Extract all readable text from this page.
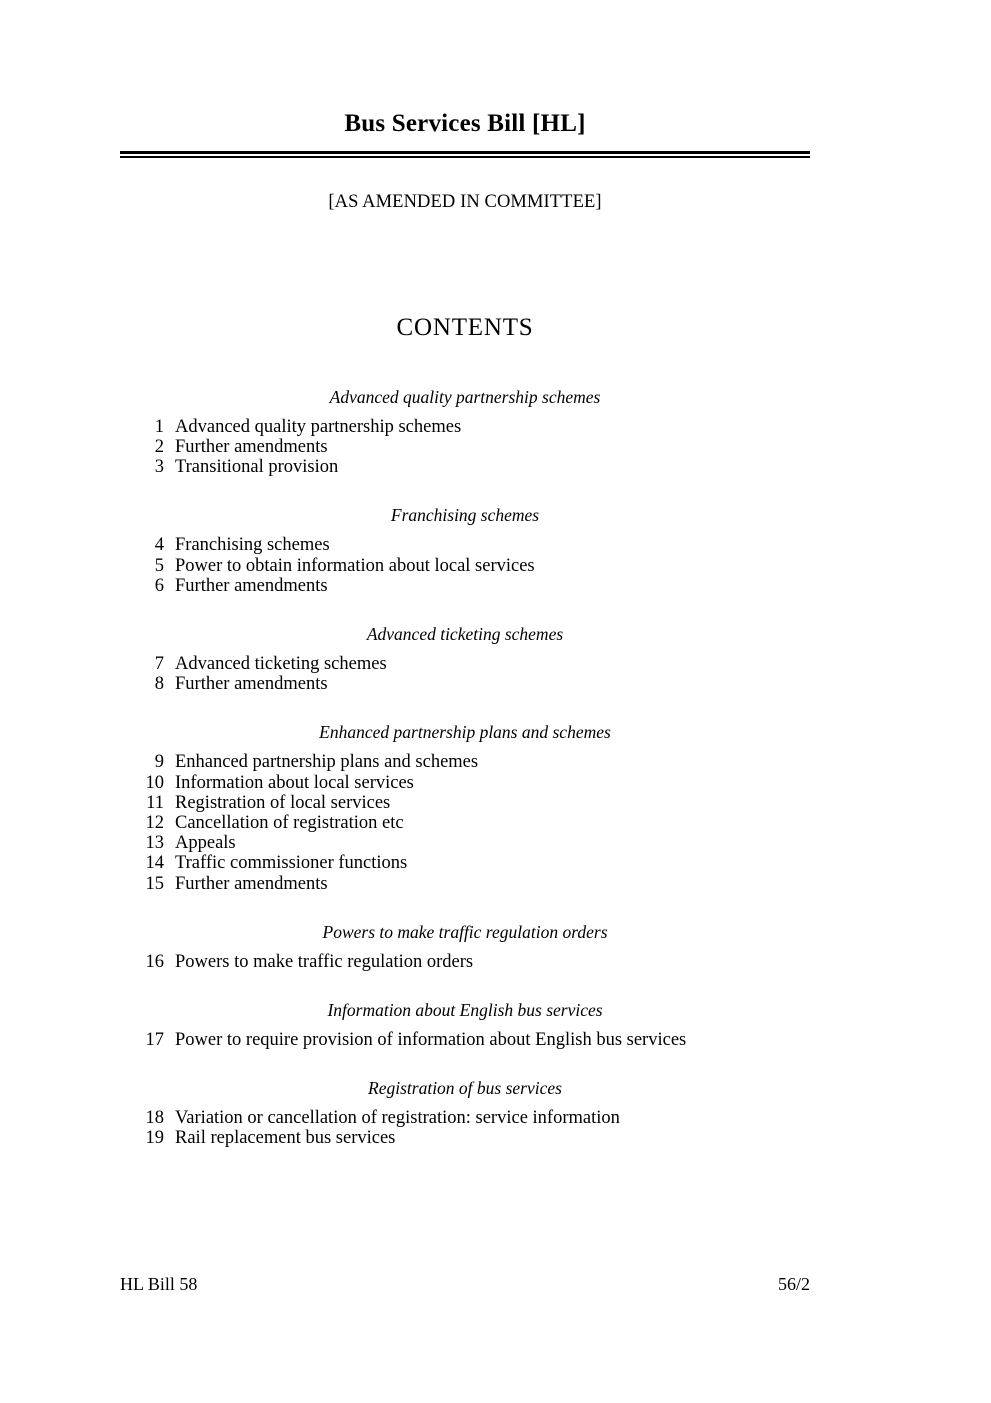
Bus Services Bill [HL]

[AS AMENDED IN COMMITTEE]

CONTENTS
Advanced quality partnership schemes
1 Advanced quality partnership schemes
2 Further amendments
3 Transitional provision
Franchising schemes
4 Franchising schemes
5 Power to obtain information about local services
6 Further amendments
Advanced ticketing schemes
7 Advanced ticketing schemes
8 Further amendments
Enhanced partnership plans and schemes
9 Enhanced partnership plans and schemes
10 Information about local services
11 Registration of local services
12 Cancellation of registration etc
13 Appeals
14 Traffic commissioner functions
15 Further amendments
Powers to make traffic regulation orders
16 Powers to make traffic regulation orders
Information about English bus services
17 Power to require provision of information about English bus services
Registration of bus services
18 Variation or cancellation of registration: service information
19 Rail replacement bus services
HL Bill 58	56/2
